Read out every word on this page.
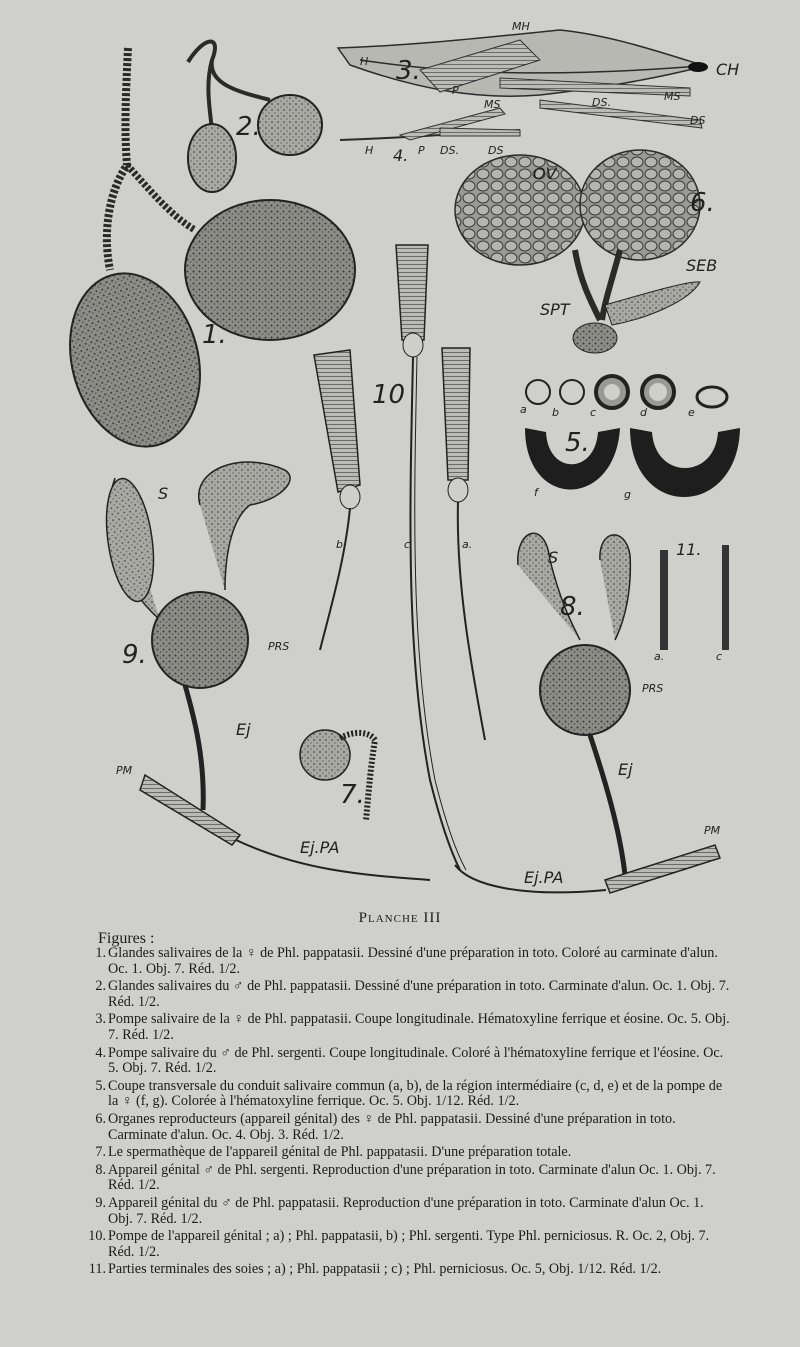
1.
2.
3.
4.
5.
6.
7.
8.
9.
10
11.
MH
H	CH
P
MS	DS.	MS
DS
H	P DS.	DS
OV
SEB
SPT
a b	c	d	e
f	g
S
PRS
Ej
PM
Ej.PA
S
PRS
Ej
PM
Ej.PA
b	c	a.
a.	c
Planche III
Figures :
1. Glandes salivaires de la ♀ de Phl. pappatasii. Dessiné d'une préparation in toto. Coloré au carminate d'alun. Oc. 1. Obj. 7. Réd. 1/2.
2. Glandes salivaires du ♂ de Phl. pappatasii. Dessiné d'une préparation in toto. Carminate d'alun. Oc. 1. Obj. 7. Réd. 1/2.
3. Pompe salivaire de la ♀ de Phl. pappatasii. Coupe longitudinale. Hématoxyline ferrique et éosine. Oc. 5. Obj. 7. Réd. 1/2.
4. Pompe salivaire du ♂ de Phl. sergenti. Coupe longitudinale. Coloré à l'hématoxyline ferrique et l'éosine. Oc. 5. Obj. 7. Réd. 1/2.
5. Coupe transversale du conduit salivaire commun (a, b), de la région intermédiaire (c, d, e) et de la pompe de la ♀ (f, g). Colorée à l'hématoxyline ferrique. Oc. 5. Obj. 1/12. Réd. 1/2.
6. Organes reproducteurs (appareil génital) des ♀ de Phl. pappatasii. Dessiné d'une préparation in toto. Carminate d'alun. Oc. 4. Obj. 3. Réd. 1/2.
7. Le spermathèque de l'appareil génital de Phl. pappatasii. D'une préparation totale.
8. Appareil génital ♂ de Phl. sergenti. Reproduction d'une préparation in toto. Carminate d'alun Oc. 1. Obj. 7. Réd. 1/2.
9. Appareil génital du ♂ de Phl. pappatasii. Reproduction d'une préparation in toto. Carminate d'alun Oc. 1. Obj. 7. Réd. 1/2.
10. Pompe de l'appareil génital ; a) ; Phl. pappatasii, b) ; Phl. sergenti. Type Phl. perniciosus. R. Oc. 2, Obj. 7. Réd. 1/2.
11. Parties terminales des soies ; a) ; Phl. pappatasii ; c) ; Phl. perniciosus. Oc. 5, Obj. 1/12. Réd. 1/2.
